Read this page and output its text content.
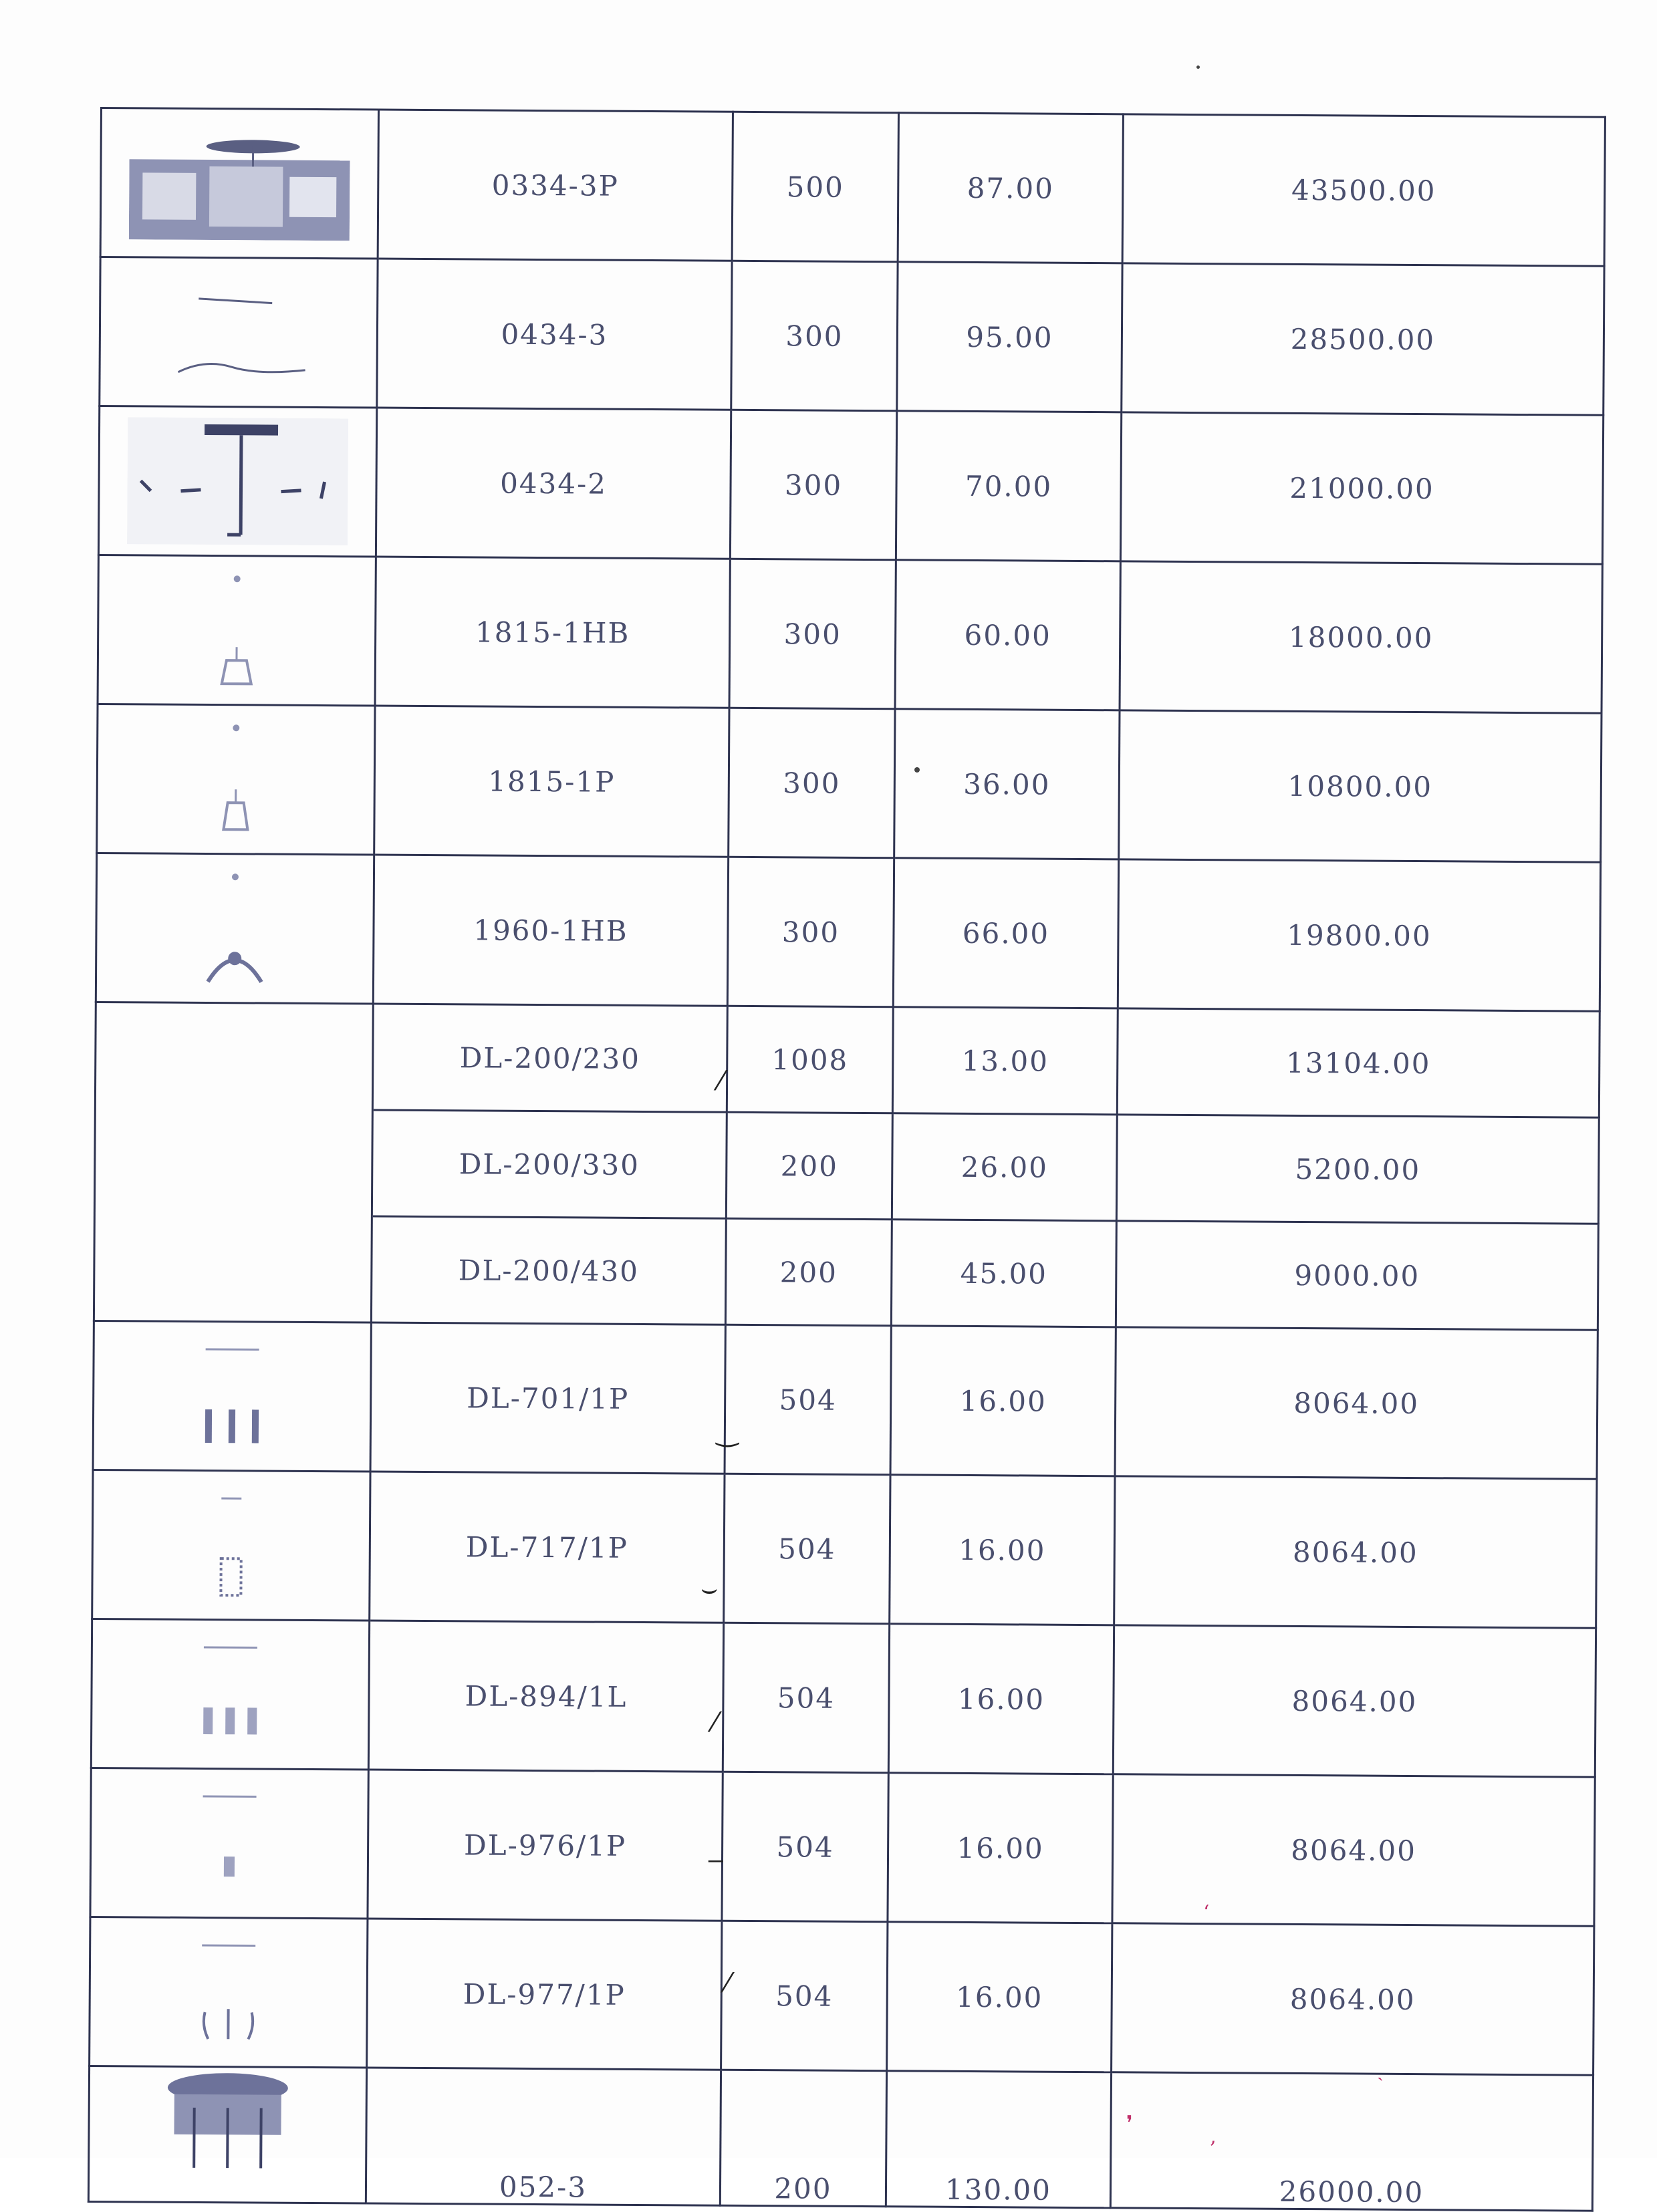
	0334-3P	500	87.00	43500.00

	0434-3	300	95.00	28500.00

	0434-2	300	70.00	21000.00

	1815-1HB	300	60.00	18000.00

	1815-1P	300	36.00	10800.00

	1960-1HB	300	66.00	19800.00
	DL-200/230	1008	13.00	13104.00
	DL-200/330	200	26.00	5200.00
	DL-200/430	200	45.00	9000.00

	DL-701/1P	504	16.00	8064.00

	DL-717/1P	504	16.00	8064.00

	DL-894/1L	504	16.00	8064.00

	DL-976/1P	504	16.00	8064.00

	DL-977/1P	504	16.00	8064.00

	052-3	200	130.00	26000.00
⁄
‿
⌣
⁄
‒
⁄
‘
ˏ
❜
‚
